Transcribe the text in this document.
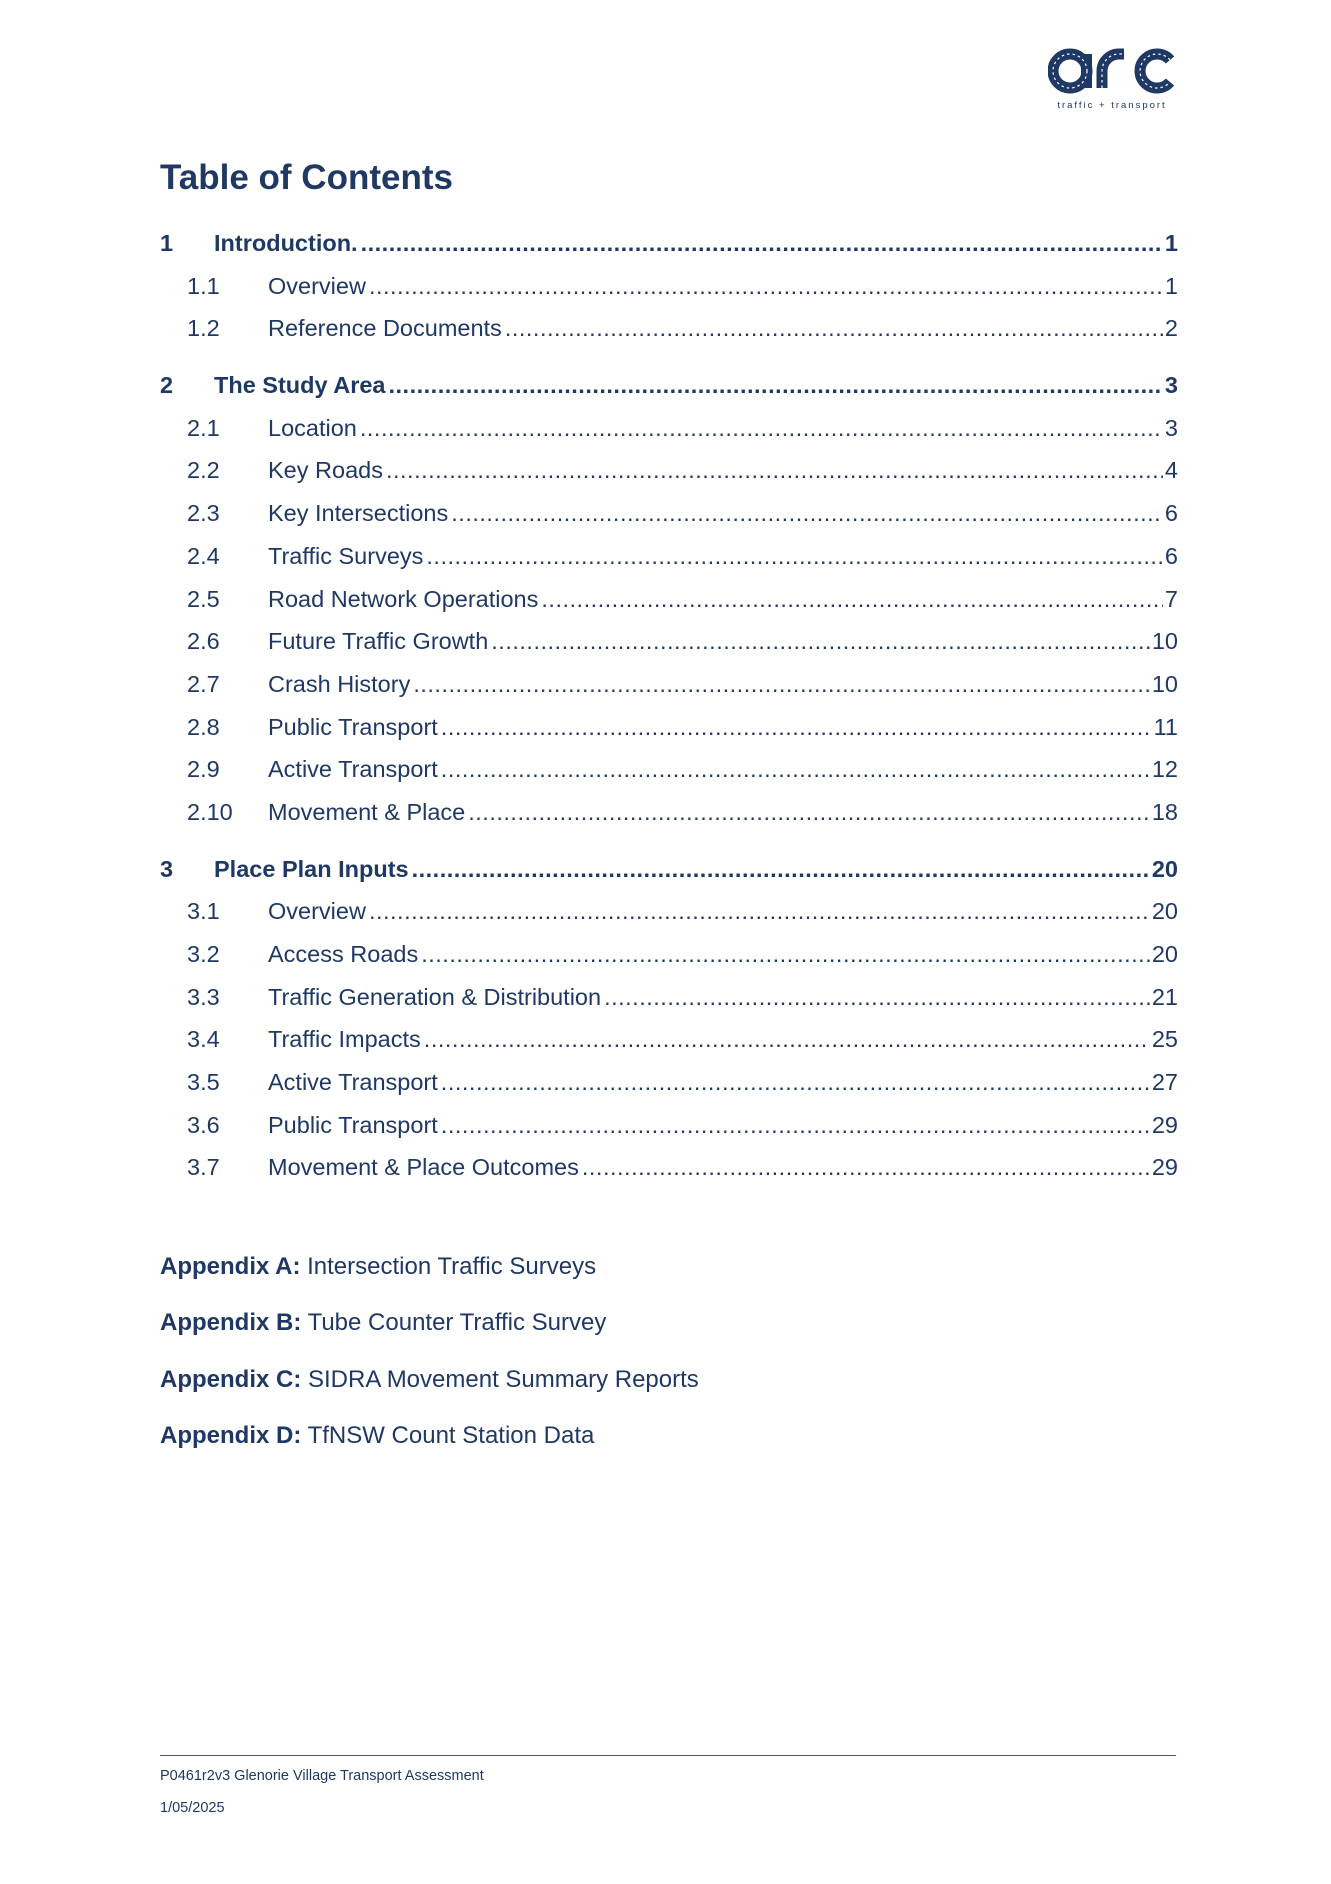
traffic + transport
Table of Contents
1	Introduction. .....	1
1.1	Overview .....	1
1.2	Reference Documents .....	2
2	The Study Area .....	3
2.1	Location .....	3
2.2	Key Roads .....	4
2.3	Key Intersections .....	6
2.4	Traffic Surveys .....	6
2.5	Road Network Operations .....	7
2.6	Future Traffic Growth .....	10
2.7	Crash History .....	10
2.8	Public Transport .....	11
2.9	Active Transport .....	12
2.10	Movement & Place .....	18
3	Place Plan Inputs .....	20
3.1	Overview .....	20
3.2	Access Roads .....	20
3.3	Traffic Generation & Distribution .....	21
3.4	Traffic Impacts .....	25
3.5	Active Transport .....	27
3.6	Public Transport .....	29
3.7	Movement & Place Outcomes .....	29
Appendix A: Intersection Traffic Surveys
Appendix B: Tube Counter Traffic Survey
Appendix C: SIDRA Movement Summary Reports
Appendix D: TfNSW Count Station Data
P0461r2v3 Glenorie Village Transport Assessment
1/05/2025
